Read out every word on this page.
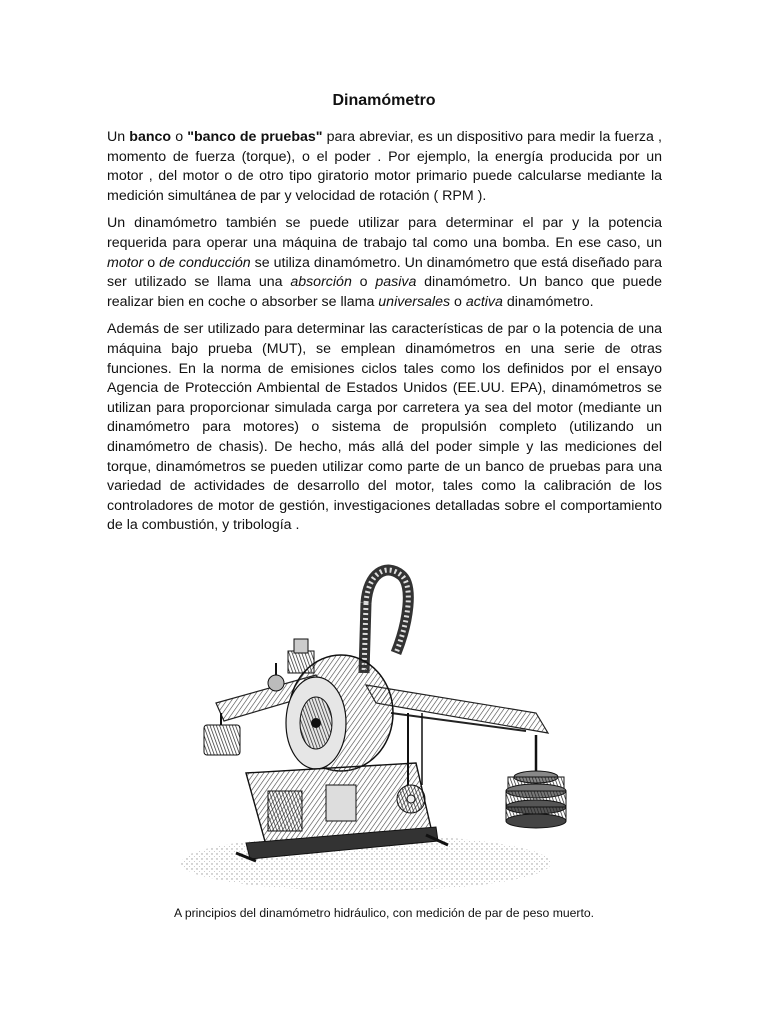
Dinamómetro

Un banco o "banco de pruebas" para abreviar, es un dispositivo para medir la fuerza , momento de fuerza (torque), o el poder . Por ejemplo, la energía producida por un motor , del motor o de otro tipo giratorio motor primario puede calcularse mediante la medición simultánea de par y velocidad de rotación ( RPM ).

Un dinamómetro también se puede utilizar para determinar el par y la potencia requerida para operar una máquina de trabajo tal como una bomba. En ese caso, un motor o de conducción se utiliza dinamómetro. Un dinamómetro que está diseñado para ser utilizado se llama una absorción o pasiva dinamómetro. Un banco que puede realizar bien en coche o absorber se llama universales o activa dinamómetro.

Además de ser utilizado para determinar las características de par o la potencia de una máquina bajo prueba (MUT), se emplean dinamómetros en una serie de otras funciones. En la norma de emisiones ciclos tales como los definidos por el ensayo Agencia de Protección Ambiental de Estados Unidos (EE.UU. EPA), dinamómetros se utilizan para proporcionar simulada carga por carretera ya sea del motor (mediante un dinamómetro para motores) o sistema de propulsión completo (utilizando un dinamómetro de chasis). De hecho, más allá del poder simple y las mediciones del torque, dinamómetros se pueden utilizar como parte de un banco de pruebas para una variedad de actividades de desarrollo del motor, tales como la calibración de los controladores de motor de gestión, investigaciones detalladas sobre el comportamiento de la combustión, y tribología .

A principios del dinamómetro hidráulico, con medición de par de peso muerto.
